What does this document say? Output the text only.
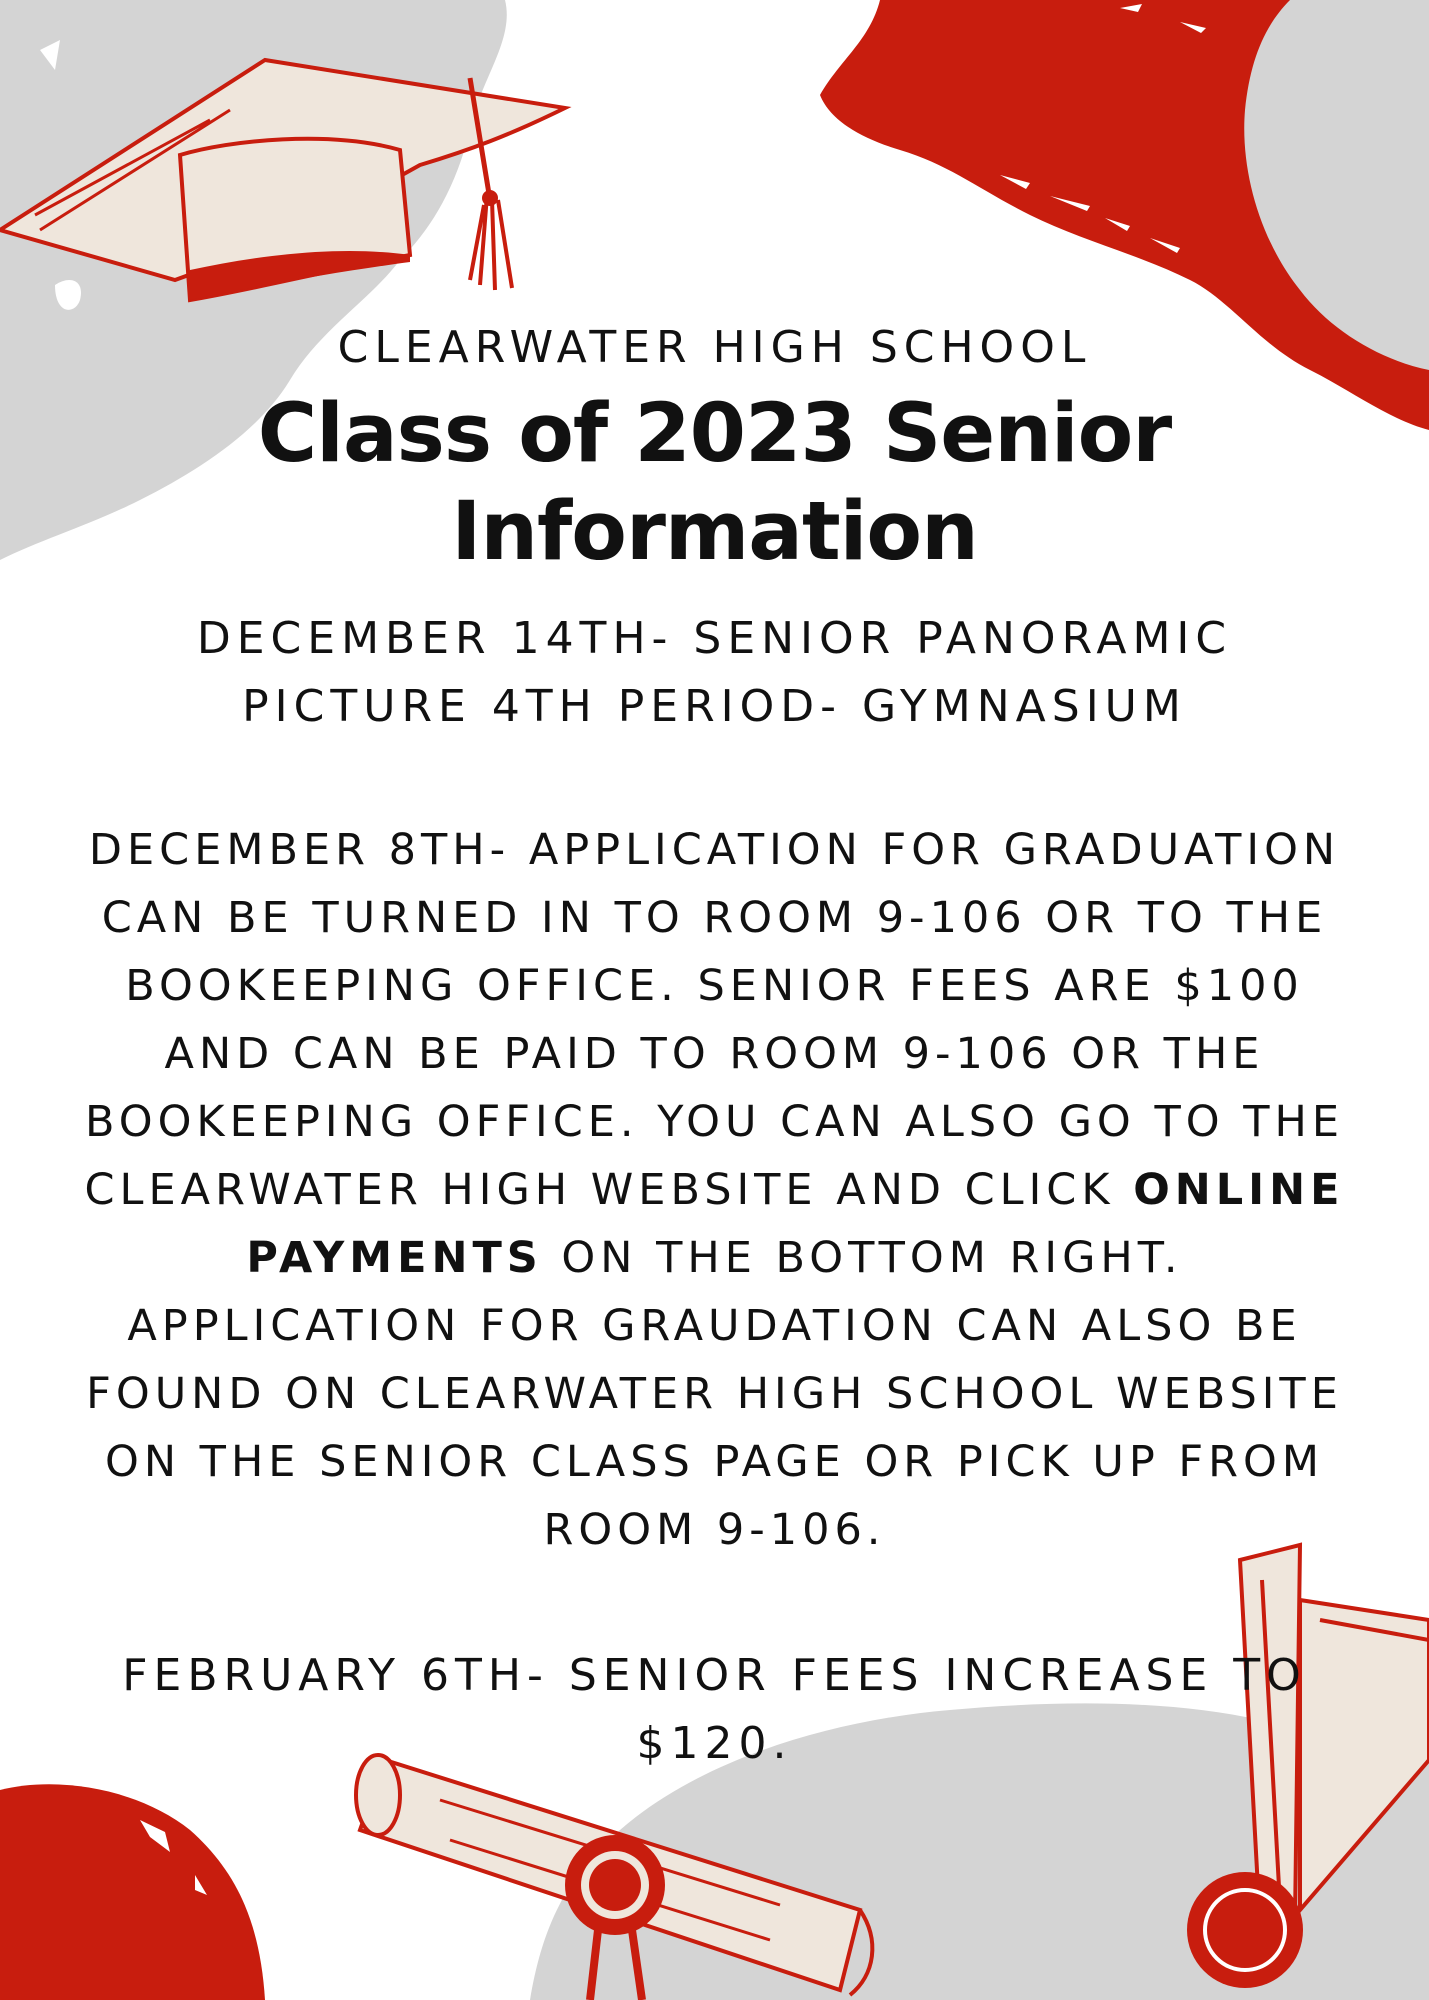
CLEARWATER HIGH SCHOOL
Class of 2023 Senior
Information
DECEMBER 14TH- SENIOR PANORAMIC
PICTURE 4TH PERIOD- GYMNASIUM
DECEMBER 8TH- APPLICATION FOR GRADUATION
CAN BE TURNED IN TO ROOM 9-106 OR TO THE
BOOKEEPING OFFICE. SENIOR FEES ARE $100
AND CAN BE PAID TO ROOM 9-106 OR THE
BOOKEEPING OFFICE. YOU CAN ALSO GO TO THE
CLEARWATER HIGH WEBSITE AND CLICK ONLINE
PAYMENTS ON THE BOTTOM RIGHT.
APPLICATION FOR GRAUDATION CAN ALSO BE
FOUND ON CLEARWATER HIGH SCHOOL WEBSITE
ON THE SENIOR CLASS PAGE OR PICK UP FROM
ROOM 9-106.
FEBRUARY 6TH- SENIOR FEES INCREASE TO
$120.
